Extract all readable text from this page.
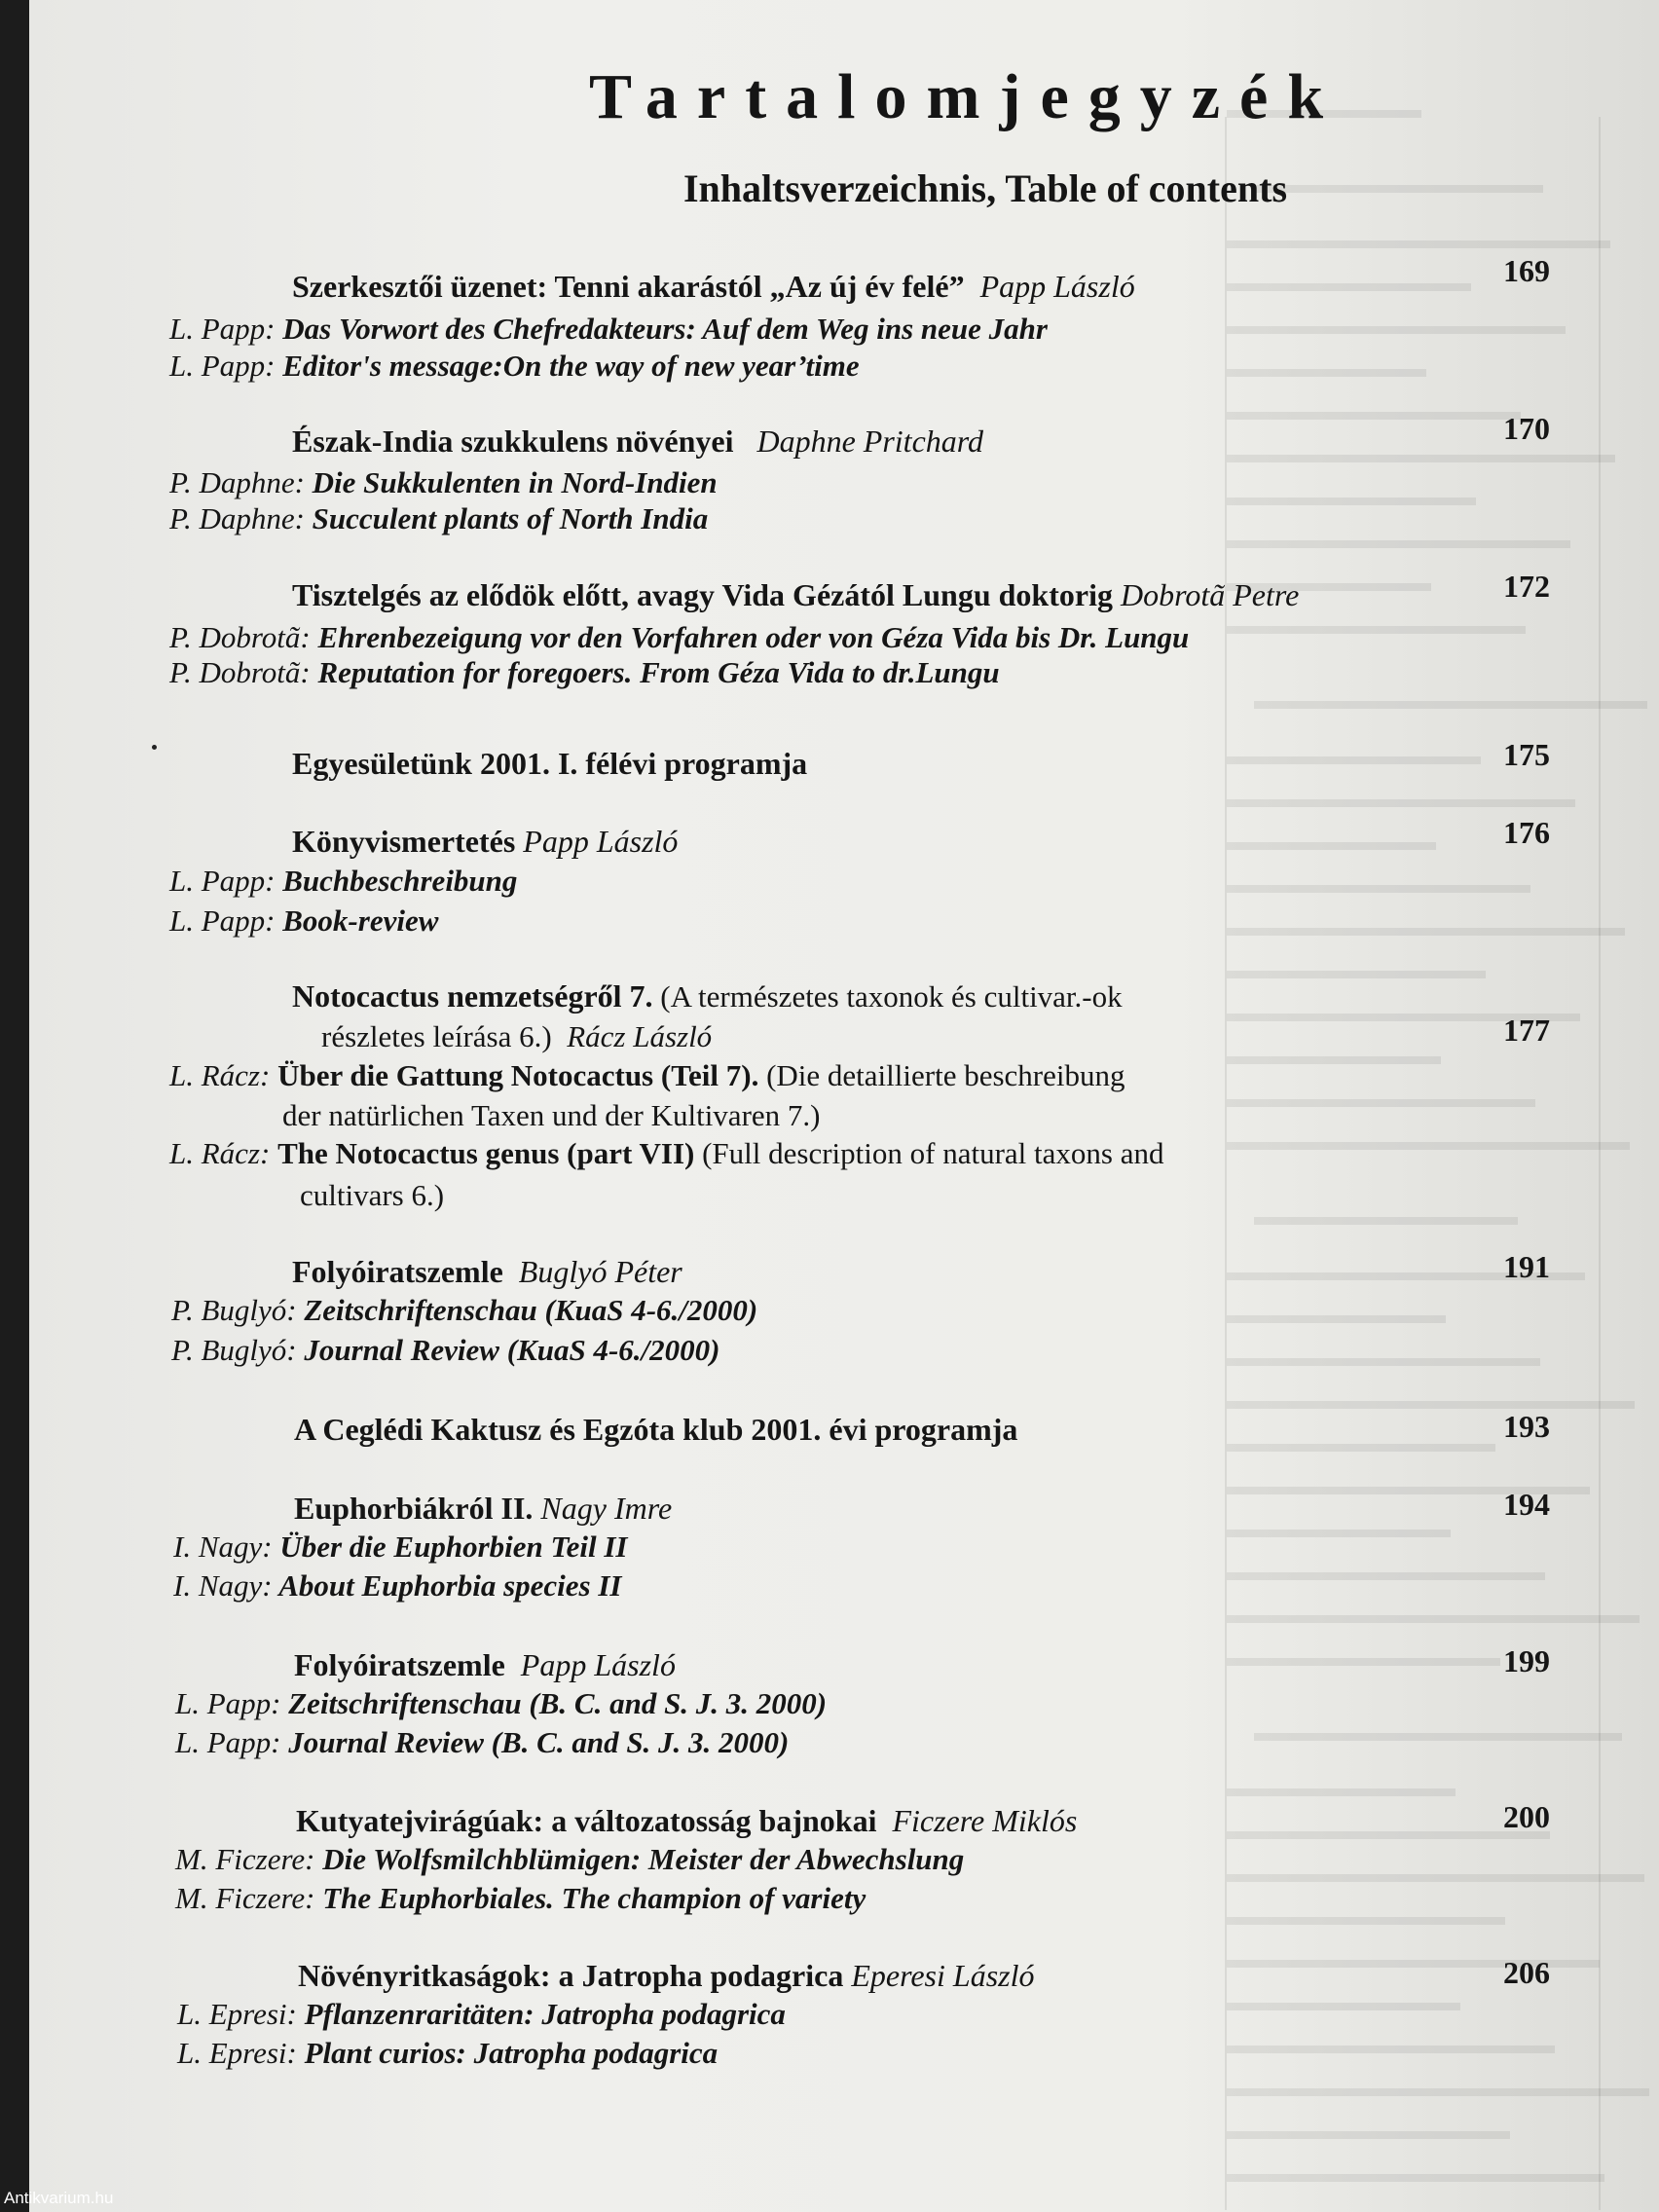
Tartalomjegyzék
Inhaltsverzeichnis, Table of contents
Szerkesztői üzenet: Tenni akarástól „Az új év felé” Papp László	169
L. Papp: Das Vorwort des Chefredakteurs: Auf dem Weg ins neue Jahr
L. Papp: Editor's message:On the way of new year’time
Észak-India szukkulens növényei Daphne Pritchard	170
P. Daphne: Die Sukkulenten in Nord-Indien
P. Daphne: Succulent plants of North India
Tisztelgés az elődök előtt, avagy Vida Gézától Lungu doktorig Dobrotã Petre	172
P. Dobrotã: Ehrenbezeigung vor den Vorfahren oder von Géza Vida bis Dr. Lungu
P. Dobrotã: Reputation for foregoers. From Géza Vida to dr.Lungu
Egyesületünk 2001. I. félévi programja	175
Könyvismertetés Papp László	176
L. Papp: Buchbeschreibung
L. Papp: Book-review
Notocactus nemzetségről 7. (A természetes taxonok és cultivar.-ok
részletes leírása 6.) Rácz László	177
L. Rácz: Über die Gattung Notocactus (Teil 7). (Die detaillierte beschreibung
der natürlichen Taxen und der Kultivaren 7.)
L. Rácz: The Notocactus genus (part VII) (Full description of natural taxons and
cultivars 6.)
Folyóiratszemle Buglyó Péter	191
P. Buglyó: Zeitschriftenschau (KuaS 4-6./2000)
P. Buglyó: Journal Review (KuaS 4-6./2000)
A Ceglédi Kaktusz és Egzóta klub 2001. évi programja	193
Euphorbiákról II. Nagy Imre	194
I. Nagy: Über die Euphorbien Teil II
I. Nagy: About Euphorbia species II
Folyóiratszemle Papp László	199
L. Papp: Zeitschriftenschau (B. C. and S. J. 3. 2000)
L. Papp: Journal Review (B. C. and S. J. 3. 2000)
Kutyatejvirágúak: a változatosság bajnokai Ficzere Miklós	200
M. Ficzere: Die Wolfsmilchblümigen: Meister der Abwechslung
M. Ficzere: The Euphorbiales. The champion of variety
Növényritkaságok: a Jatropha podagrica Eperesi László	206
L. Epresi: Pflanzenraritäten: Jatropha podagrica
L. Epresi: Plant curios: Jatropha podagrica
Antikvarium.hu
